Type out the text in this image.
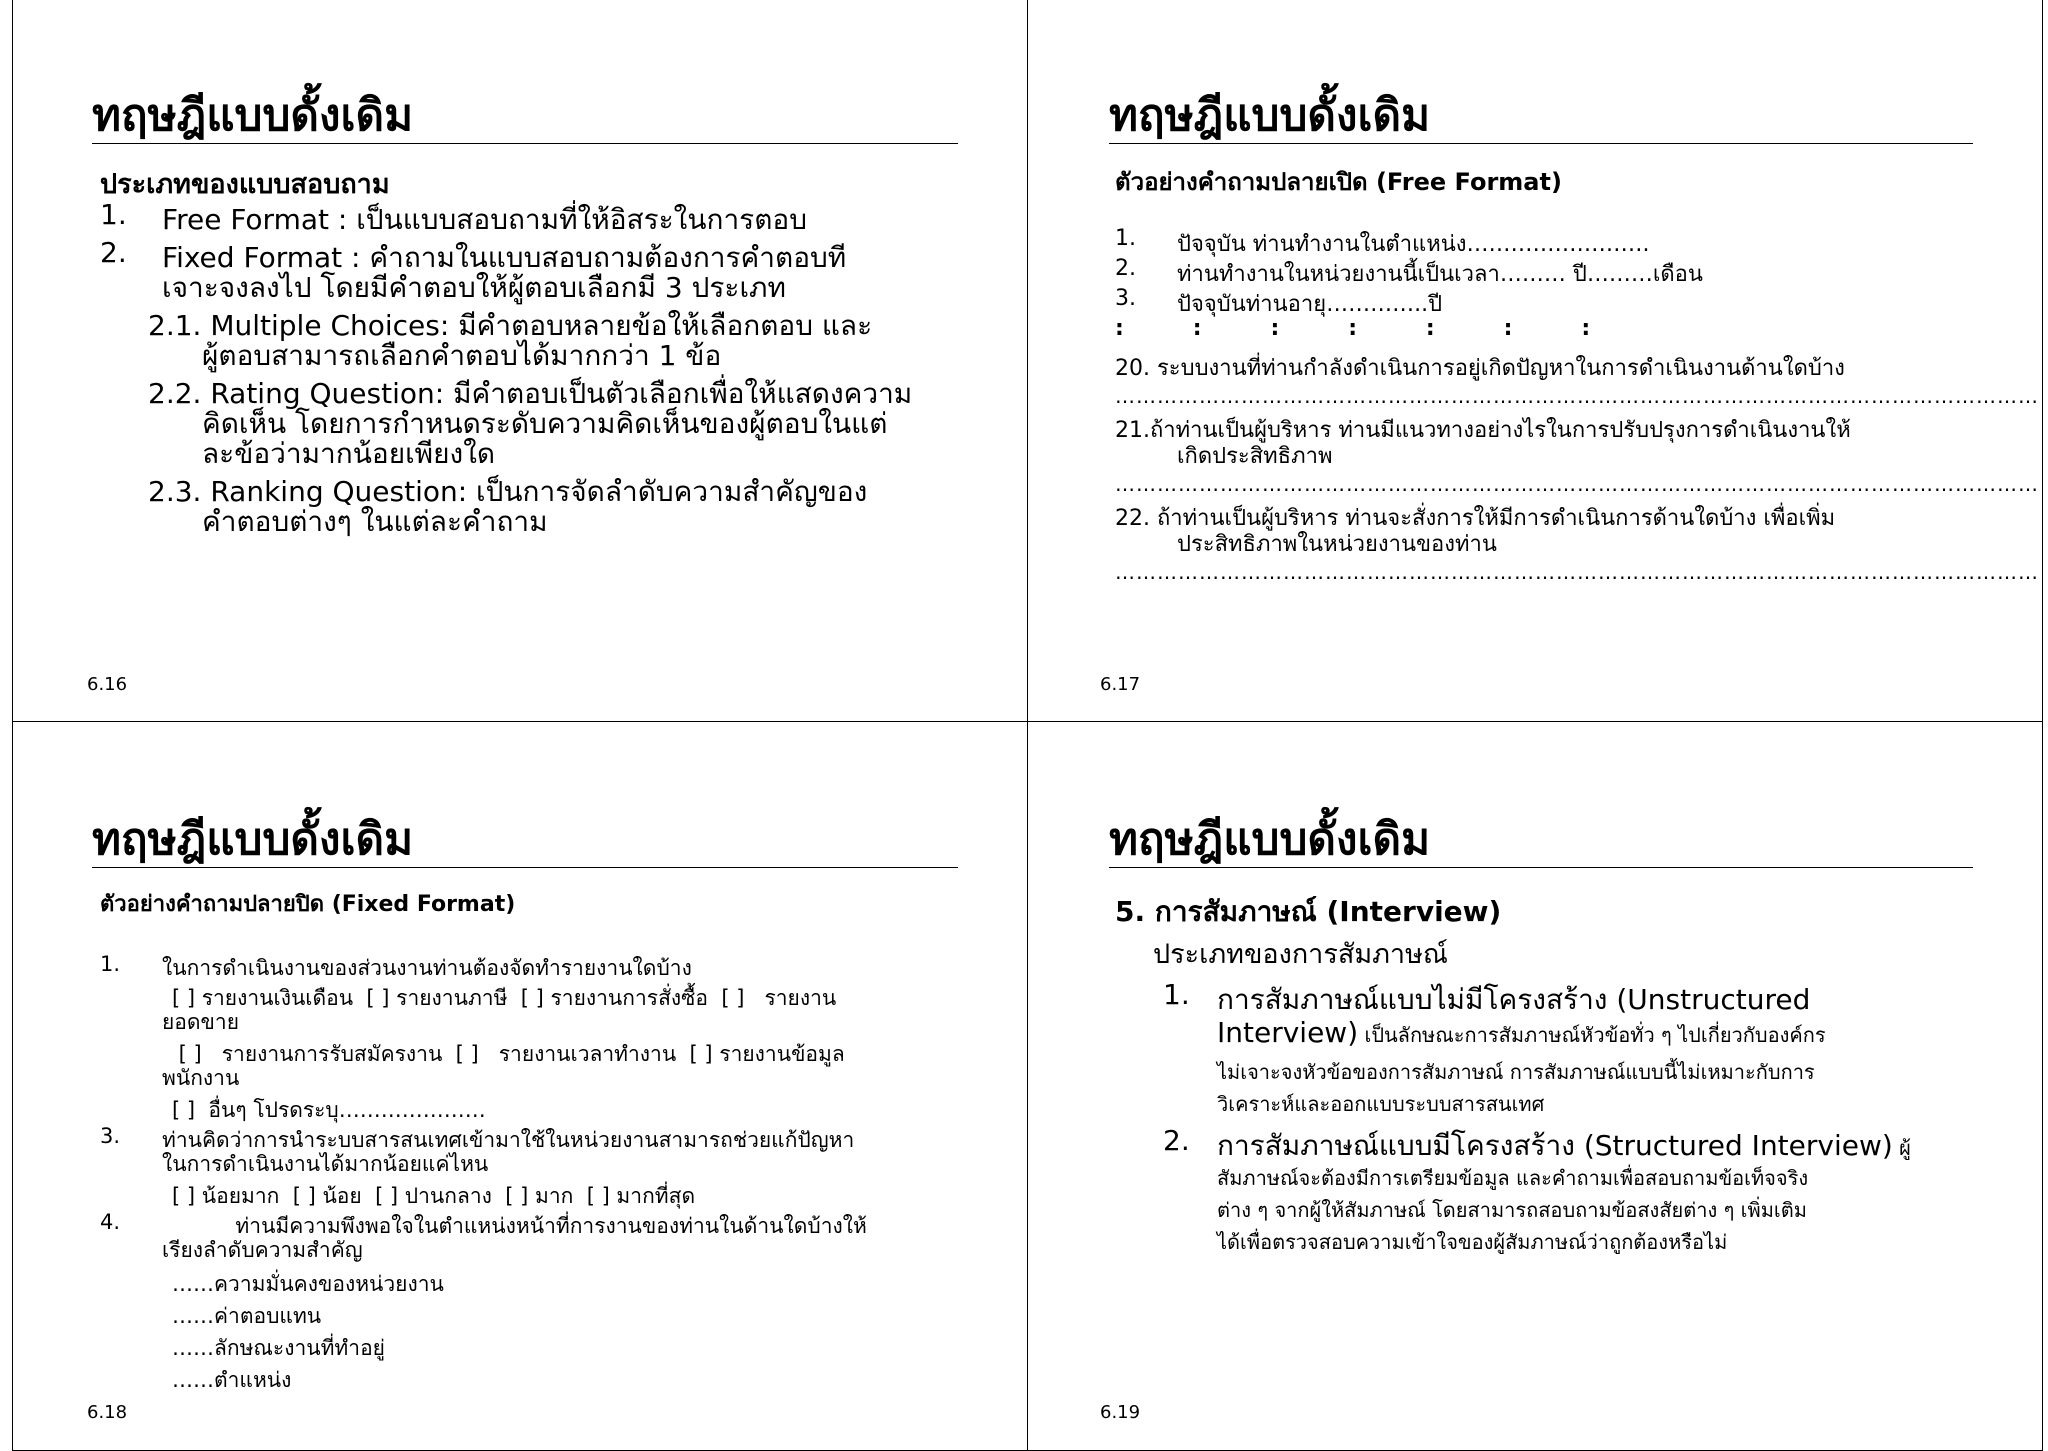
ทฤษฎีแบบดั้งเดิม
ประเภทของแบบสอบถาม
1. Free Format : เป็นแบบสอบถามที่ให้อิสระในการตอบ
2. Fixed Format : คำถามในแบบสอบถามต้องการคำตอบที
เจาะจงลงไป โดยมีคำตอบให้ผู้ตอบเลือกมี 3 ประเภท
2.1. Multiple Choices: มีคำตอบหลายข้อให้เลือกตอบ และ
ผู้ตอบสามารถเลือกคำตอบได้มากกว่า 1 ข้อ
2.2. Rating Question: มีคำตอบเป็นตัวเลือกเพื่อให้แสดงความ
คิดเห็น โดยการกำหนดระดับความคิดเห็นของผู้ตอบในแต่
ละข้อว่ามากน้อยเพียงใด
2.3. Ranking Question: เป็นการจัดลำดับความสำคัญของ
คำตอบต่างๆ ในแต่ละคำถาม
6.16
ทฤษฎีแบบดั้งเดิม
ตัวอย่างคำถามปลายเปิด (Free Format)
1. ปัจจุบัน ท่านทำงานในตำแหน่ง…………………….
2. ท่านทำงานในหน่วยงานนี้เป็นเวลา……… ปี………เดือน
3. ปัจจุบันท่านอายุ…………..ปี
:         :         :         :         :         :         :
20. ระบบงานที่ท่านกำลังดำเนินการอยู่เกิดปัญหาในการดำเนินงานด้านใดบ้าง
……………………………………………………………………………………………………………………
21.ถ้าท่านเป็นผู้บริหาร ท่านมีแนวทางอย่างไรในการปรับปรุงการดำเนินงานให้
เกิดประสิทธิภาพ
……………………………………………………………………………………………………………………
22. ถ้าท่านเป็นผู้บริหาร ท่านจะสั่งการให้มีการดำเนินการด้านใดบ้าง เพื่อเพิ่ม
ประสิทธิภาพในหน่วยงานของท่าน
……………………………………………………………………………………………………………………
6.17
ทฤษฎีแบบดั้งเดิม
ตัวอย่างคำถามปลายปิด (Fixed Format)
1. ในการดำเนินงานของส่วนงานท่านต้องจัดทำรายงานใดบ้าง
[ ] รายงานเงินเดือน  [ ] รายงานภาษี  [ ] รายงานการสั่งซื้อ  [ ]   รายงาน
ยอดขาย
[ ]   รายงานการรับสมัครงาน  [ ]   รายงานเวลาทำงาน  [ ] รายงานข้อมูล
พนักงาน
[ ]  อื่นๆ โปรดระบุ…………………
3. ท่านคิดว่าการนำระบบสารสนเทศเข้ามาใช้ในหน่วยงานสามารถช่วยแก้ปัญหา
ในการดำเนินงานได้มากน้อยแค่ไหน
[ ] น้อยมาก  [ ] น้อย  [ ] ปานกลาง  [ ] มาก  [ ] มากที่สุด
4. ท่านมีความพึงพอใจในตำแหน่งหน้าที่การงานของท่านในด้านใดบ้างให้
เรียงลำดับความสำคัญ
……ความมั่นคงของหน่วยงาน
……ค่าตอบแทน
……ลักษณะงานที่ทำอยู่
……ตำแหน่ง
6.18
ทฤษฎีแบบดั้งเดิม
5. การสัมภาษณ์ (Interview)
ประเภทของการสัมภาษณ์
1. การสัมภาษณ์แบบไม่มีโครงสร้าง (Unstructured
Interview) เป็นลักษณะการสัมภาษณ์หัวข้อทั่ว ๆ ไปเกี่ยวกับองค์กร
ไม่เจาะจงหัวข้อของการสัมภาษณ์ การสัมภาษณ์แบบนี้ไม่เหมาะกับการ
วิเคราะห์และออกแบบระบบสารสนเทศ
2. การสัมภาษณ์แบบมีโครงสร้าง (Structured Interview) ผู้
สัมภาษณ์จะต้องมีการเตรียมข้อมูล และคำถามเพื่อสอบถามข้อเท็จจริง
ต่าง ๆ จากผู้ให้สัมภาษณ์ โดยสามารถสอบถามข้อสงสัยต่าง ๆ เพิ่มเติม
ได้เพื่อตรวจสอบความเข้าใจของผู้สัมภาษณ์ว่าถูกต้องหรือไม่
6.19
